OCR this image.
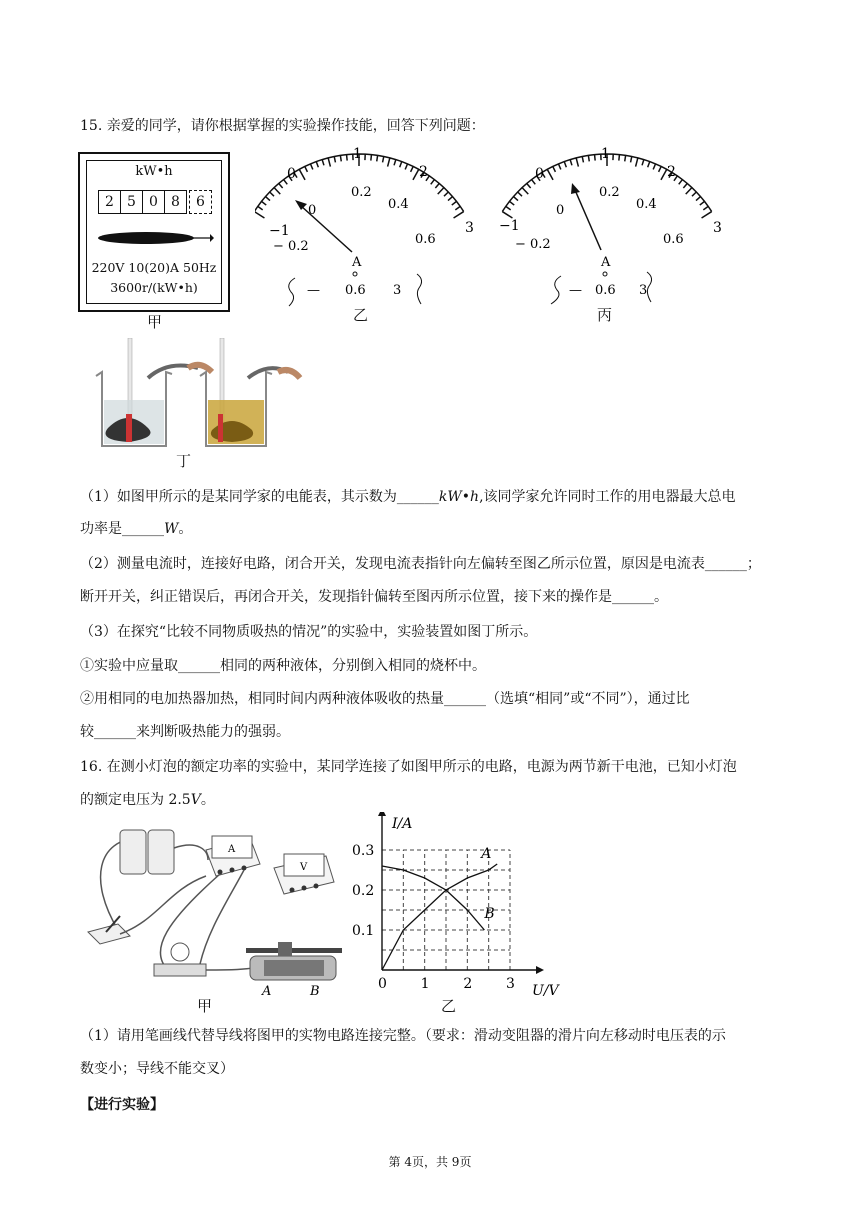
15. 亲爱的同学，请你根据掌握的实验操作技能，回答下列问题：
kW•h
2 5 0 8	6
220V 10(20)A 50Hz
3600r/(kW•h)
甲
−1
0
1
2
3
− 0.2
0
0.2
0.4
0.6
A
— 0.6 3
乙
−1
0
1
2
3
− 0.2
0
0.2
0.4
0.6
A
— 0.6 3
丙
丁
（1）如图甲所示的是某同学家的电能表，其示数为______kW•h,该同学家允许同时工作的用电器最大总电
功率是______W。
（2）测量电流时，连接好电路，闭合开关，发现电流表指针向左偏转至图乙所示位置，原因是电流表______；
断开开关，纠正错误后，再闭合开关，发现指针偏转至图丙所示位置，接下来的操作是______。
（3）在探究“比较不同物质吸热的情况”的实验中，实验装置如图丁所示。
①实验中应量取______相同的两种液体，分别倒入相同的烧杯中。
②用相同的电加热器加热，相同时间内两种液体吸收的热量______（选填“相同”或“不同”），通过比
较______来判断吸热能力的强弱。
16. 在测小灯泡的额定功率的实验中，某同学连接了如图甲所示的电路，电源为两节新干电池，已知小灯泡
的额定电压为 2.5V。
A
V
A	B
甲
0 1 2 3
0.1
0.2
0.3	A
B
I/A
U/V
乙
（1）请用笔画线代替导线将图甲的实物电路连接完整。（要求：滑动变阻器的滑片向左移动时电压表的示
数变小；导线不能交叉）
【进行实验】
第 4页，共 9页
